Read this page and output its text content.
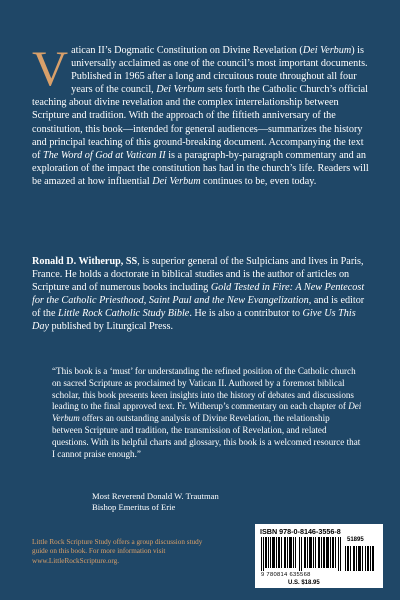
V atican II’s Dogmatic Constitution on Divine Revelation (Dei Verbum) is universally acclaimed as one of the council’s most important documents. Published in 1965 after a long and circuitous route throughout all four years of the council, Dei Verbum sets forth the Catholic Church’s official teaching about divine revelation and the complex interrelationship between Scripture and tradition. With the approach of the fiftieth anniversary of the constitution, this book—intended for general audiences—summarizes the history and principal teaching of this ground-breaking document. Accompanying the text of The Word of God at Vatican II is a paragraph-by-paragraph commentary and an exploration of the impact the constitution has had in the church’s life. Readers will be amazed at how influential Dei Verbum continues to be, even today.

Ronald D. Witherup, SS, is superior general of the Sulpicians and lives in Paris, France. He holds a doctorate in biblical studies and is the author of articles on Scripture and of numerous books including Gold Tested in Fire: A New Pentecost for the Catholic Priesthood, Saint Paul and the New Evangelization, and is editor of the Little Rock Catholic Study Bible. He is also a contributor to Give Us This Day published by Liturgical Press.

“This book is a ‘must’ for understanding the refined position of the Catholic church on sacred Scripture as proclaimed by Vatican II. Authored by a foremost biblical scholar, this book presents keen insights into the history of debates and discussions leading to the final approved text. Fr. Witherup’s commentary on each chapter of Dei Verbum offers an outstanding analysis of Divine Revelation, the relationship between Scripture and tradition, the transmission of Revelation, and related questions. With its helpful charts and glossary, this book is a welcomed resource that I cannot praise enough.”

Most Reverend Donald W. Trautman
Bishop Emeritus of Erie
Little Rock Scripture Study offers a group discussion study guide on this book. For more information visit www.LittleRockScripture.org.
ISBN 978-0-8146-3556-8
51895
9 780814 635568
U.S. $18.95
